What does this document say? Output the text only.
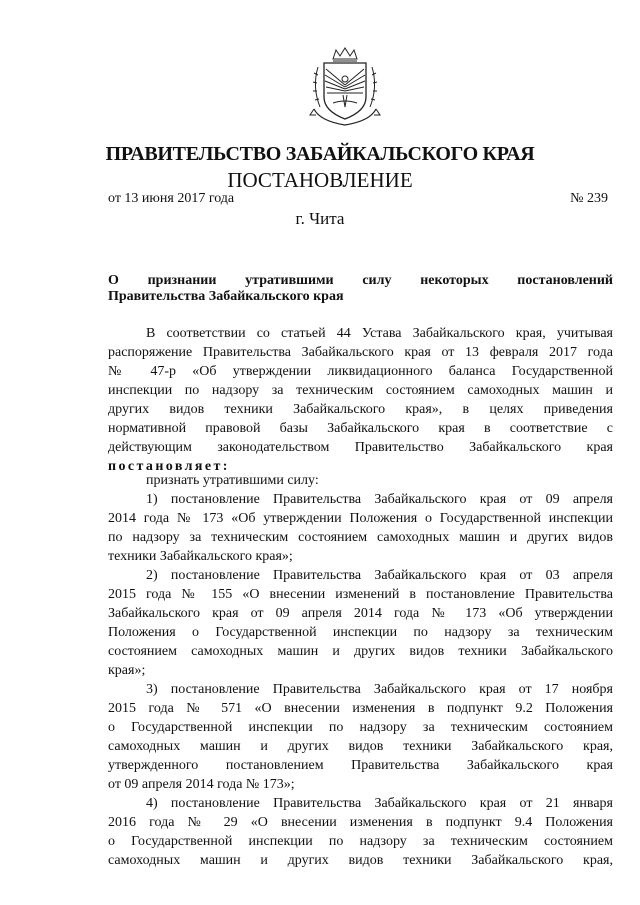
ПРАВИТЕЛЬСТВО ЗАБАЙКАЛЬСКОГО КРАЯ
ПОСТАНОВЛЕНИЕ
от 13 июня 2017 года	№ 239
г. Чита
О признании утратившими силу некоторых постановлений
Правительства Забайкальского края
В соответствии со статьей 44 Устава Забайкальского края, учитывая
распоряжение Правительства Забайкальского края от 13 февраля 2017 года
№ 47-р «Об утверждении ликвидационного баланса Государственной
инспекции по надзору за техническим состоянием самоходных машин и
других видов техники Забайкальского края», в целях приведения
нормативной правовой базы Забайкальского края в соответствие с
действующим законодательством Правительство Забайкальского края
постановляет:
признать утратившими силу:
1) постановление Правительства Забайкальского края от 09 апреля
2014 года № 173 «Об утверждении Положения о Государственной инспекции
по надзору за техническим состоянием самоходных машин и других видов
техники Забайкальского края»;
2) постановление Правительства Забайкальского края от 03 апреля
2015 года № 155 «О внесении изменений в постановление Правительства
Забайкальского края от 09 апреля 2014 года № 173 «Об утверждении
Положения о Государственной инспекции по надзору за техническим
состоянием самоходных машин и других видов техники Забайкальского
края»;
3) постановление Правительства Забайкальского края от 17 ноября
2015 года № 571 «О внесении изменения в подпункт 9.2 Положения
о Государственной инспекции по надзору за техническим состоянием
самоходных машин и других видов техники Забайкальского края,
утвержденного постановлением Правительства Забайкальского края
от 09 апреля 2014 года № 173»;
4) постановление Правительства Забайкальского края от 21 января
2016 года № 29 «О внесении изменения в подпункт 9.4 Положения
о Государственной инспекции по надзору за техническим состоянием
самоходных машин и других видов техники Забайкальского края,
